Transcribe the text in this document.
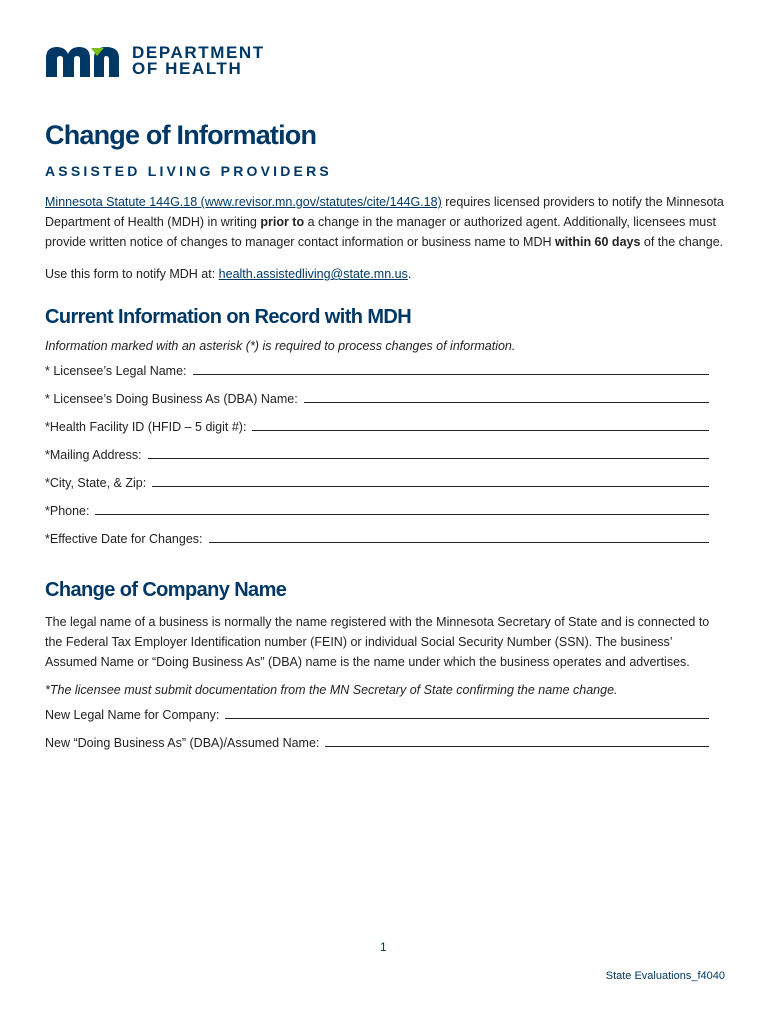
DEPARTMENT
OF HEALTH
Change of Information
ASSISTED LIVING PROVIDERS

Minnesota Statute 144G.18 (www.revisor.mn.gov/statutes/cite/144G.18) requires licensed providers to notify the Minnesota Department of Health (MDH) in writing prior to a change in the manager or authorized agent. Additionally, licensees must provide written notice of changes to manager contact information or business name to MDH within 60 days of the change.

Use this form to notify MDH at: health.assistedliving@state.mn.us.

Current Information on Record with MDH
Information marked with an asterisk (*) is required to process changes of information.
* Licensee’s Legal Name:
* Licensee’s Doing Business As (DBA) Name:
*Health Facility ID (HFID – 5 digit #):
*Mailing Address:
*City, State, & Zip:
*Phone:
*Effective Date for Changes:
Change of Company Name

The legal name of a business is normally the name registered with the Minnesota Secretary of State and is connected to the Federal Tax Employer Identification number (FEIN) or individual Social Security Number (SSN). The business’ Assumed Name or “Doing Business As” (DBA) name is the name under which the business operates and advertises.

*The licensee must submit documentation from the MN Secretary of State confirming the name change.
New Legal Name for Company:
New “Doing Business As” (DBA)/Assumed Name:
1
State Evaluations_f4040
